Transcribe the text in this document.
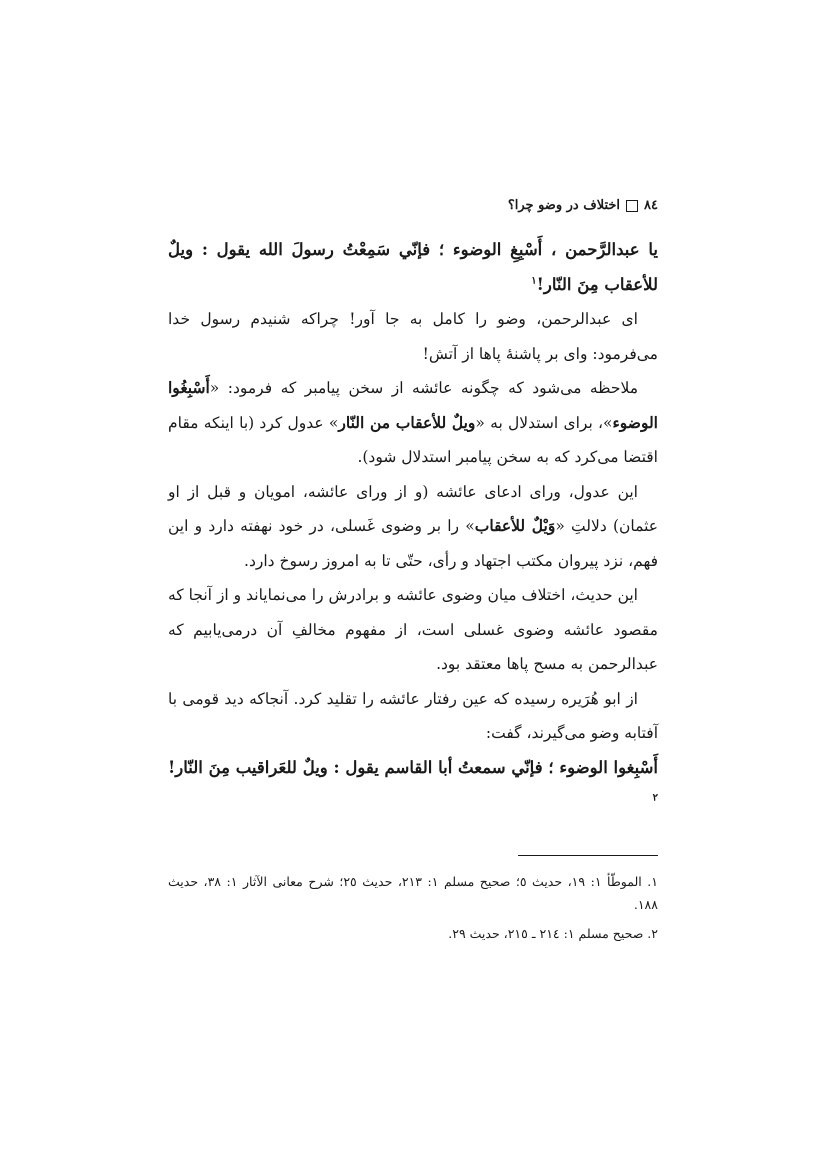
٨٤
اختلاف در وضو چرا؟

يا عبدالرَّحمن ، أَسْبِغِ الوضوء ؛ فإنّي سَمِعْتُ رسولَ الله يقول : ويلٌ للأعقاب مِنَ النّار!$^١$

ای عبدالرحمن، وضو را کامل به جا آور! چراکه شنیدم رسول خدا می‌فرمود: وای بر پاشنهٔ پاها از آتش!

ملاحظه می‌شود که چگونه عائشه از سخن پیامبر که فرمود: «أَسْبِغُوا الوضوء»، برای استدلال به «ويلٌ للأعقاب من النّار» عدول کرد (با اینکه مقام اقتضا می‌کرد که به سخن پیامبر استدلال شود).

این عدول، ورای ادعای عائشه (و از ورای عائشه، امویان و قبل از او عثمان) دلالتِ «وَيْلٌ للأعقاب» را بر وضوی غَسلی، در خود نهفته دارد و این فهم، نزد پیروان مکتب اجتهاد و رأی، حتّی تا به امروز رسوخ دارد.

این حدیث، اختلاف میان وضوی عائشه و برادرش را می‌نمایاند و از آنجا که مقصود عائشه وضوی غسلی است، از مفهوم مخالفِ آن درمی‌یابیم که عبدالرحمن به مسح پاها معتقد بود.

از ابو هُرَیره رسیده که عین رفتار عائشه را تقلید کرد. آنجاکه دید قومی با آفتابه وضو می‌گیرند، گفت:

أَسْبِغوا الوضوء ؛ فإنّي سمعتُ أبا القاسم يقول : ويلٌ للعَراقيب مِنَ النّار!$^٢$

١. الموطّأ ١: ١٩، حدیث ٥؛ صحیح مسلم ١: ٢١٣، حدیث ٢٥؛ شرح معانی الآثار ١: ٣٨، حدیث ١٨٨.

٢. صحیح مسلم ١: ٢١٤ ـ ٢١٥، حدیث ٢٩.
